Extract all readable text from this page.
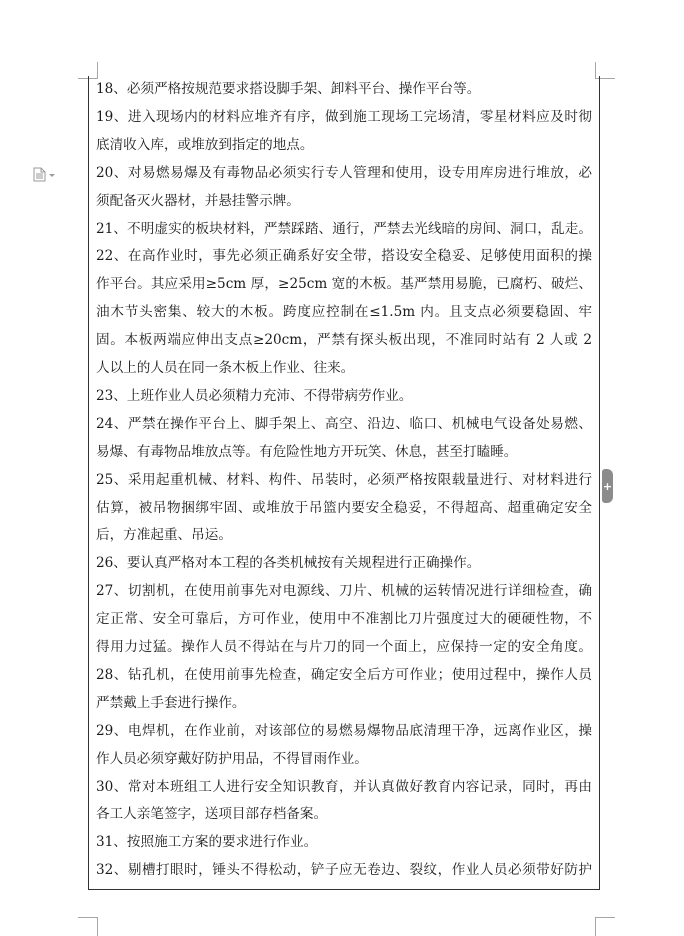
+
18、必须严格按规范要求搭设脚手架、卸料平台、操作平台等。
19、进入现场内的材料应堆齐有序，做到施工现场工完场清，零星材料应及时彻
底清收入库，或堆放到指定的地点。
20、对易燃易爆及有毒物品必须实行专人管理和使用，设专用库房进行堆放，必
须配备灭火器材，并悬挂警示牌。
21、不明虚实的板块材料，严禁踩踏、通行，严禁去光线暗的房间、洞口，乱走。
22、在高作业时，事先必须正确系好安全带，搭设安全稳妥、足够使用面积的操
作平台。其应采用≥5cm 厚，≥25cm 宽的木板。基严禁用易脆，已腐朽、破烂、
油木节头密集、较大的木板。跨度应控制在≤1.5m 内。且支点必须要稳固、牢
固。本板两端应伸出支点≥20cm，严禁有探头板出现，不准同时站有 2 人或 2
人以上的人员在同一条木板上作业、往来。
23、上班作业人员必须精力充沛、不得带病劳作业。
24、严禁在操作平台上、脚手架上、高空、沿边、临口、机械电气设备处易燃、
易爆、有毒物品堆放点等。有危险性地方开玩笑、休息，甚至打瞌睡。
25、采用起重机械、材料、构件、吊装时，必须严格按限载量进行、对材料进行
估算，被吊物捆绑牢固、或堆放于吊篮内要安全稳妥，不得超高、超重确定安全
后，方准起重、吊运。
26、要认真严格对本工程的各类机械按有关规程进行正确操作。
27、切割机，在使用前事先对电源线、刀片、机械的运转情况进行详细检查，确
定正常、安全可靠后，方可作业，使用中不准割比刀片强度过大的硬硬性物，不
得用力过猛。操作人员不得站在与片刀的同一个面上，应保持一定的安全角度。
28、钻孔机，在使用前事先检查，确定安全后方可作业；使用过程中，操作人员
严禁戴上手套进行操作。
29、电焊机，在作业前，对该部位的易燃易爆物品底清理干净，远离作业区，操
作人员必须穿戴好防护用品，不得冒雨作业。
30、常对本班组工人进行安全知识教育，并认真做好教育内容记录，同时，再由
各工人亲笔签字，送项目部存档备案。
31、按照施工方案的要求进行作业。
32、剔槽打眼时，锤头不得松动，铲子应无卷边、裂纹，作业人员必须带好防护
